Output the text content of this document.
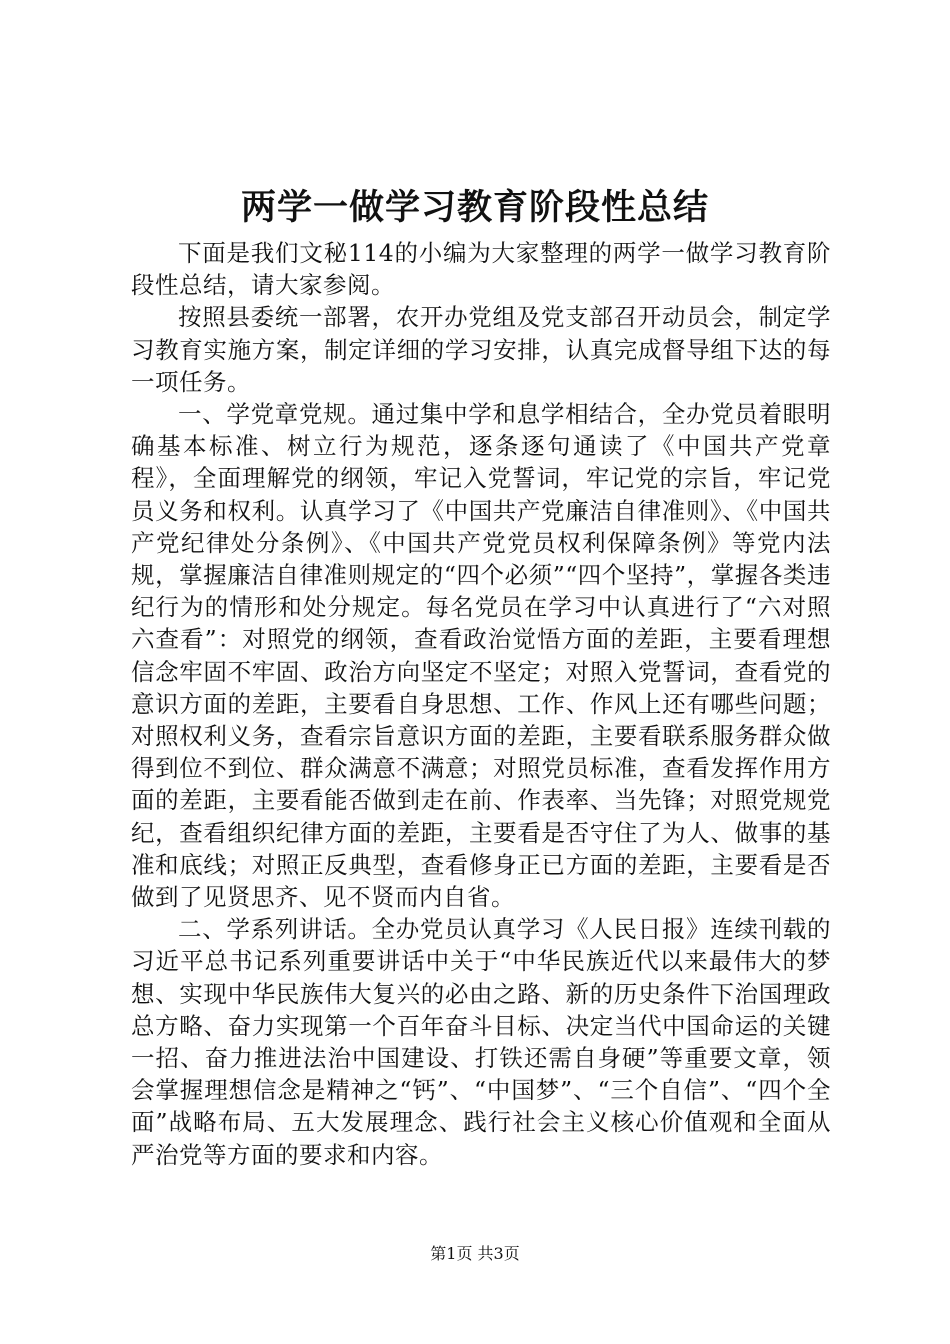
两学一做学习教育阶段性总结

下面是我们文秘114的小编为大家整理的两学一做学习教育阶段性总结，请大家参阅。

按照县委统一部署，农开办党组及党支部召开动员会，制定学习教育实施方案，制定详细的学习安排，认真完成督导组下达的每一项任务。

一、学党章党规。通过集中学和息学相结合，全办党员着眼明确基本标准、树立行为规范，逐条逐句通读了《中国共产党章程》，全面理解党的纲领，牢记入党誓词，牢记党的宗旨，牢记党员义务和权利。认真学习了《中国共产党廉洁自律准则》、《中国共产党纪律处分条例》、《中国共产党党员权利保障条例》等党内法规，掌握廉洁自律准则规定的“四个必须”“四个坚持”，掌握各类违纪行为的情形和处分规定。每名党员在学习中认真进行了“六对照六查看”：对照党的纲领，查看政治觉悟方面的差距，主要看理想信念牢固不牢固、政治方向坚定不坚定；对照入党誓词，查看党的意识方面的差距，主要看自身思想、工作、作风上还有哪些问题；对照权利义务，查看宗旨意识方面的差距，主要看联系服务群众做得到位不到位、群众满意不满意；对照党员标准，查看发挥作用方面的差距，主要看能否做到走在前、作表率、当先锋；对照党规党纪，查看组织纪律方面的差距，主要看是否守住了为人、做事的基准和底线；对照正反典型，查看修身正已方面的差距，主要看是否做到了见贤思齐、见不贤而内自省。

二、学系列讲话。全办党员认真学习《人民日报》连续刊载的习近平总书记系列重要讲话中关于“中华民族近代以来最伟大的梦想、实现中华民族伟大复兴的必由之路、新的历史条件下治国理政总方略、奋力实现第一个百年奋斗目标、决定当代中国命运的关键一招、奋力推进法治中国建设、打铁还需自身硬”等重要文章，领会掌握理想信念是精神之“钙”、“中国梦”、“三个自信”、“四个全面”战略布局、五大发展理念、践行社会主义核心价值观和全面从严治党等方面的要求和内容。

第1页 共3页
